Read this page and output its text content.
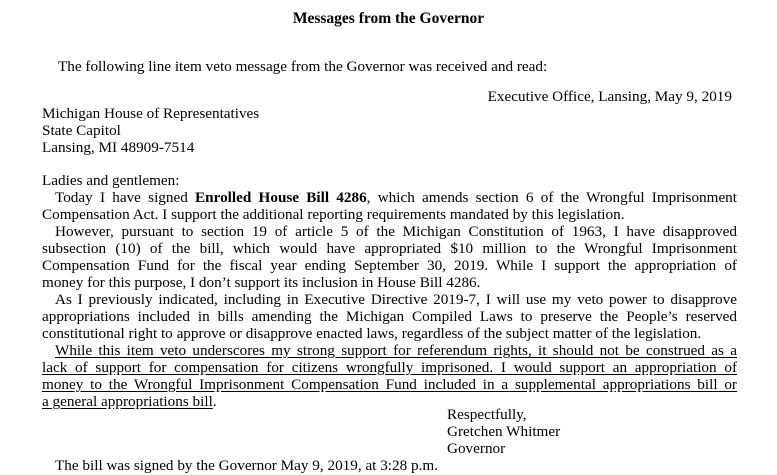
Messages from the Governor
The following line item veto message from the Governor was received and read:
Executive Office, Lansing, May 9, 2019
Michigan House of Representatives
State Capitol
Lansing, MI 48909-7514
Ladies and gentlemen:
Today I have signed Enrolled House Bill 4286, which amends section 6 of the Wrongful Imprisonment
Compensation Act. I support the additional reporting requirements mandated by this legislation.
However, pursuant to section 19 of article 5 of the Michigan Constitution of 1963, I have disapproved
subsection (10) of the bill, which would have appropriated $10 million to the Wrongful Imprisonment
Compensation Fund for the fiscal year ending September 30, 2019. While I support the appropriation of
money for this purpose, I don’t support its inclusion in House Bill 4286.
As I previously indicated, including in Executive Directive 2019-7, I will use my veto power to disapprove
appropriations included in bills amending the Michigan Compiled Laws to preserve the People’s reserved
constitutional right to approve or disapprove enacted laws, regardless of the subject matter of the legislation.
While this item veto underscores my strong support for referendum rights, it should not be construed as a
lack of support for compensation for citizens wrongfully imprisoned. I would support an appropriation of
money to the Wrongful Imprisonment Compensation Fund included in a supplemental appropriations bill or
a general appropriations bill.
Respectfully,
Gretchen Whitmer
Governor
The bill was signed by the Governor May 9, 2019, at 3:28 p.m.
